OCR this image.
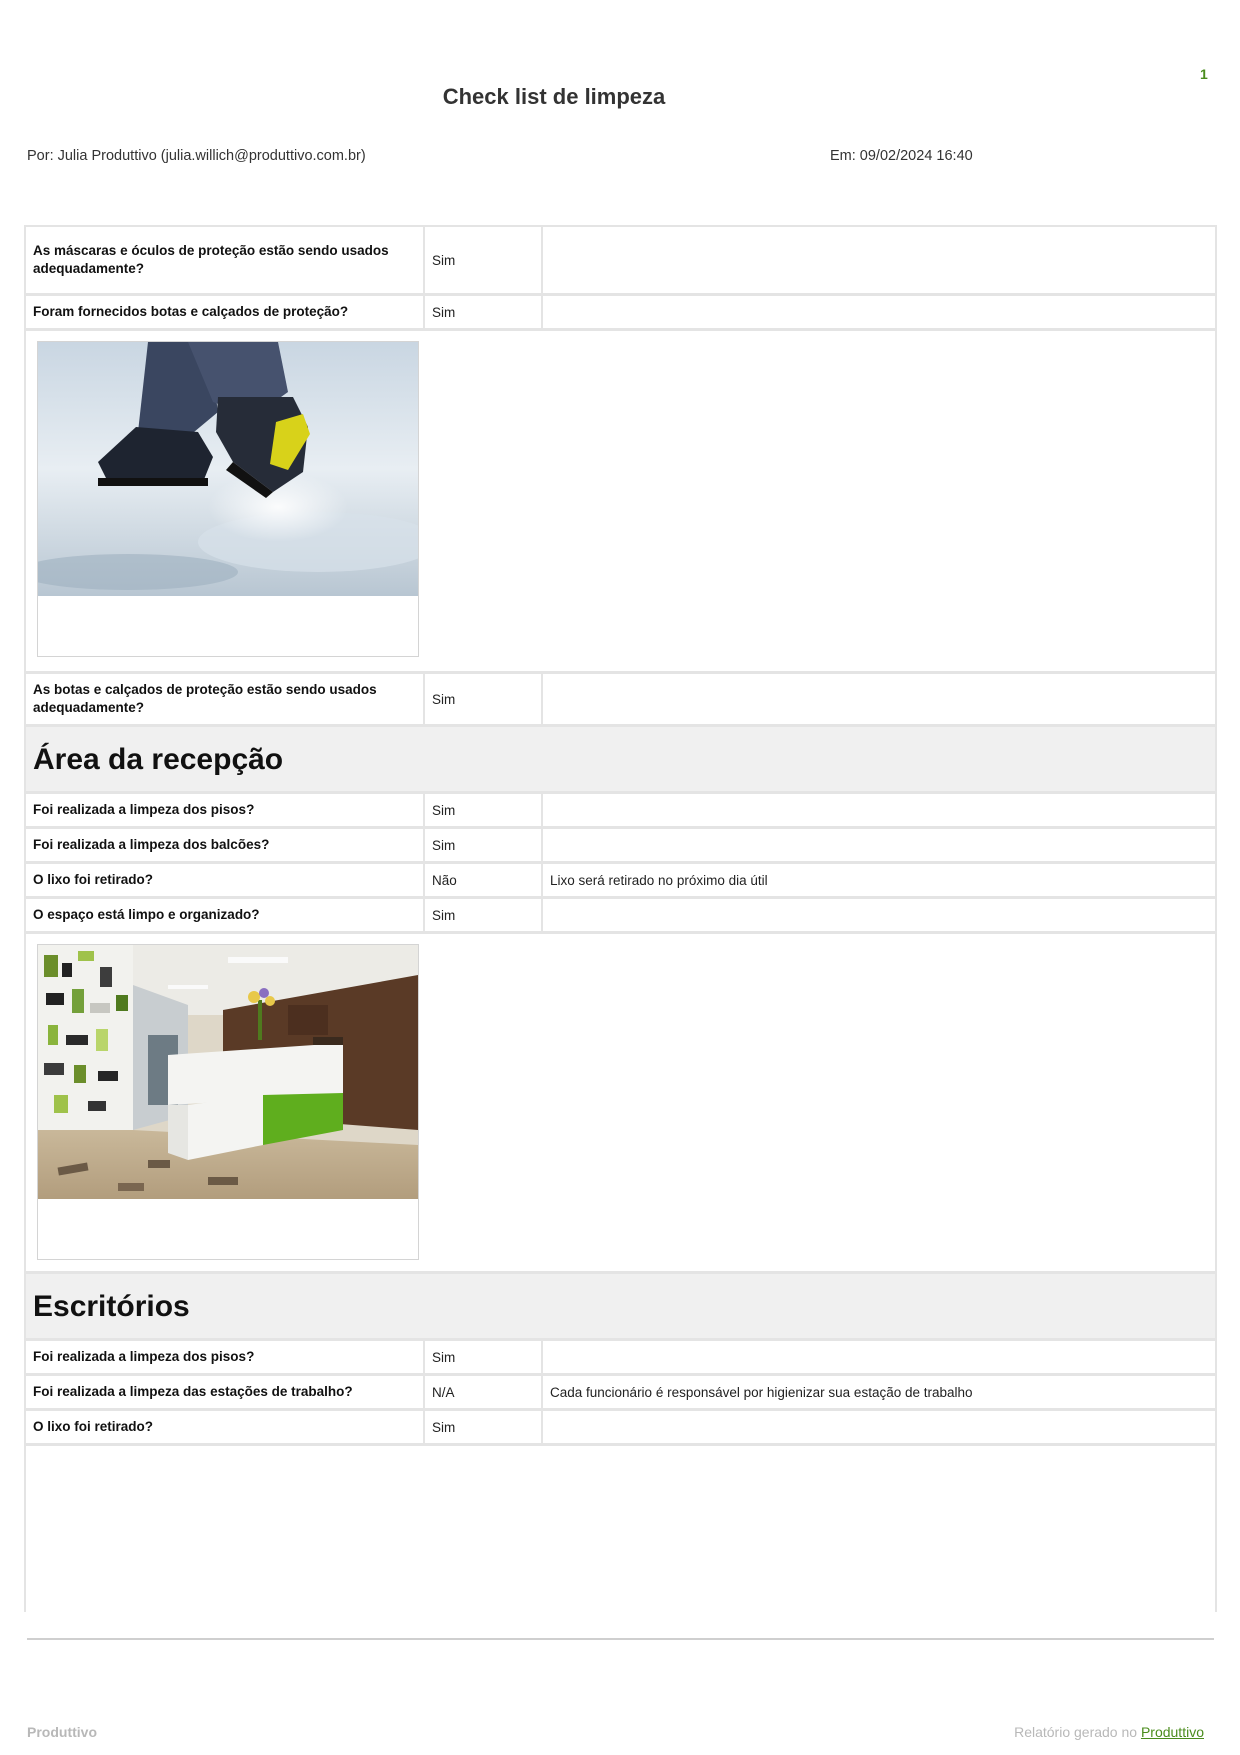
1
Check list de limpeza
Por: Julia Produttivo (julia.willich@produttivo.com.br)	Em: 09/02/2024 16:40
As máscaras e óculos de proteção estão sendo usados adequadamente?
Sim
Foram fornecidos botas e calçados de proteção?	Sim
As botas e calçados de proteção estão sendo usados adequadamente?
Sim
Área da recepção
Foi realizada a limpeza dos pisos?	Sim
Foi realizada a limpeza dos balcões?	Sim
O lixo foi retirado?	Não	Lixo será retirado no próximo dia útil
O espaço está limpo e organizado?	Sim
Escritórios
Foi realizada a limpeza dos pisos?	Sim
Foi realizada a limpeza das estações de trabalho?	N/A	Cada funcionário é responsável por higienizar sua estação de trabalho
O lixo foi retirado?	Sim
Produttivo	Relatório gerado no Produttivo
